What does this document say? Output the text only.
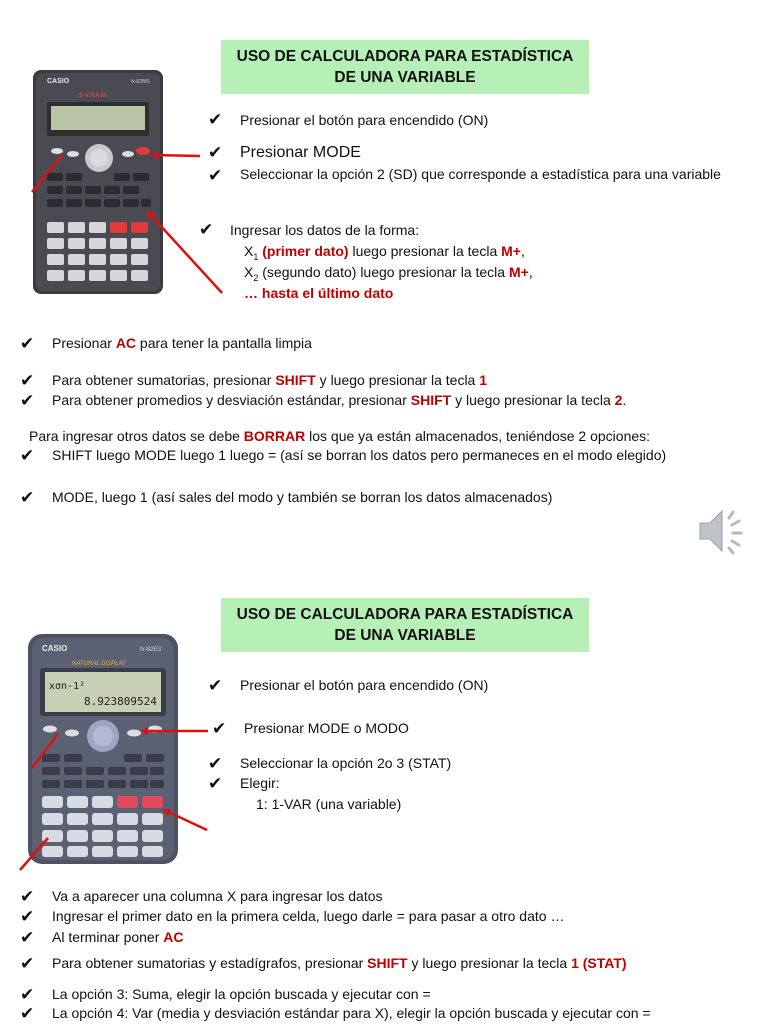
USO DE CALCULADORA PARA ESTADÍSTICA
DE UNA VARIABLE
CASIO	fx-82MS
S-V.P.A.M.
✔ Presionar el botón para encendido (ON)
✔ Presionar MODE
✔ Seleccionar la opción 2 (SD) que corresponde a estadística para una variable
✔ Ingresar los datos de la forma:
$X_1$ (primer dato) luego presionar la tecla M+,
$X_2$ (segundo dato) luego presionar la tecla M+,
… hasta el último dato
✔ Presionar AC para tener la pantalla limpia
✔ Para obtener sumatorias, presionar SHIFT y luego presionar la tecla 1
✔ Para obtener promedios y desviación estándar, presionar SHIFT y luego presionar la tecla 2.
Para ingresar otros datos se debe BORRAR los que ya están almacenados, teniéndose 2 opciones:
✔ SHIFT luego MODE luego 1 luego = (así se borran los datos pero permaneces en el modo elegido)
✔ MODE, luego 1 (así sales del modo y también se borran los datos almacenados)
USO DE CALCULADORA PARA ESTADÍSTICA
DE UNA VARIABLE
CASIO	fx-82ES
NATURAL DISPLAY
xσn-1²
8.923809524
✔ Presionar el botón para encendido (ON)
✔ Presionar MODE o MODO
✔ Seleccionar la opción 2o 3 (STAT)
✔ Elegir:
1: 1-VAR (una variable)
✔ Va a aparecer una columna X para ingresar los datos
✔ Ingresar el primer dato en la primera celda, luego darle = para pasar a otro dato …
✔ Al terminar poner AC
✔ Para obtener sumatorias y estadígrafos, presionar SHIFT y luego presionar la tecla 1 (STAT)
✔ La opción 3: Suma, elegir la opción buscada y ejecutar con =
✔ La opción 4: Var (media y desviación estándar para X), elegir la opción buscada y ejecutar con =
